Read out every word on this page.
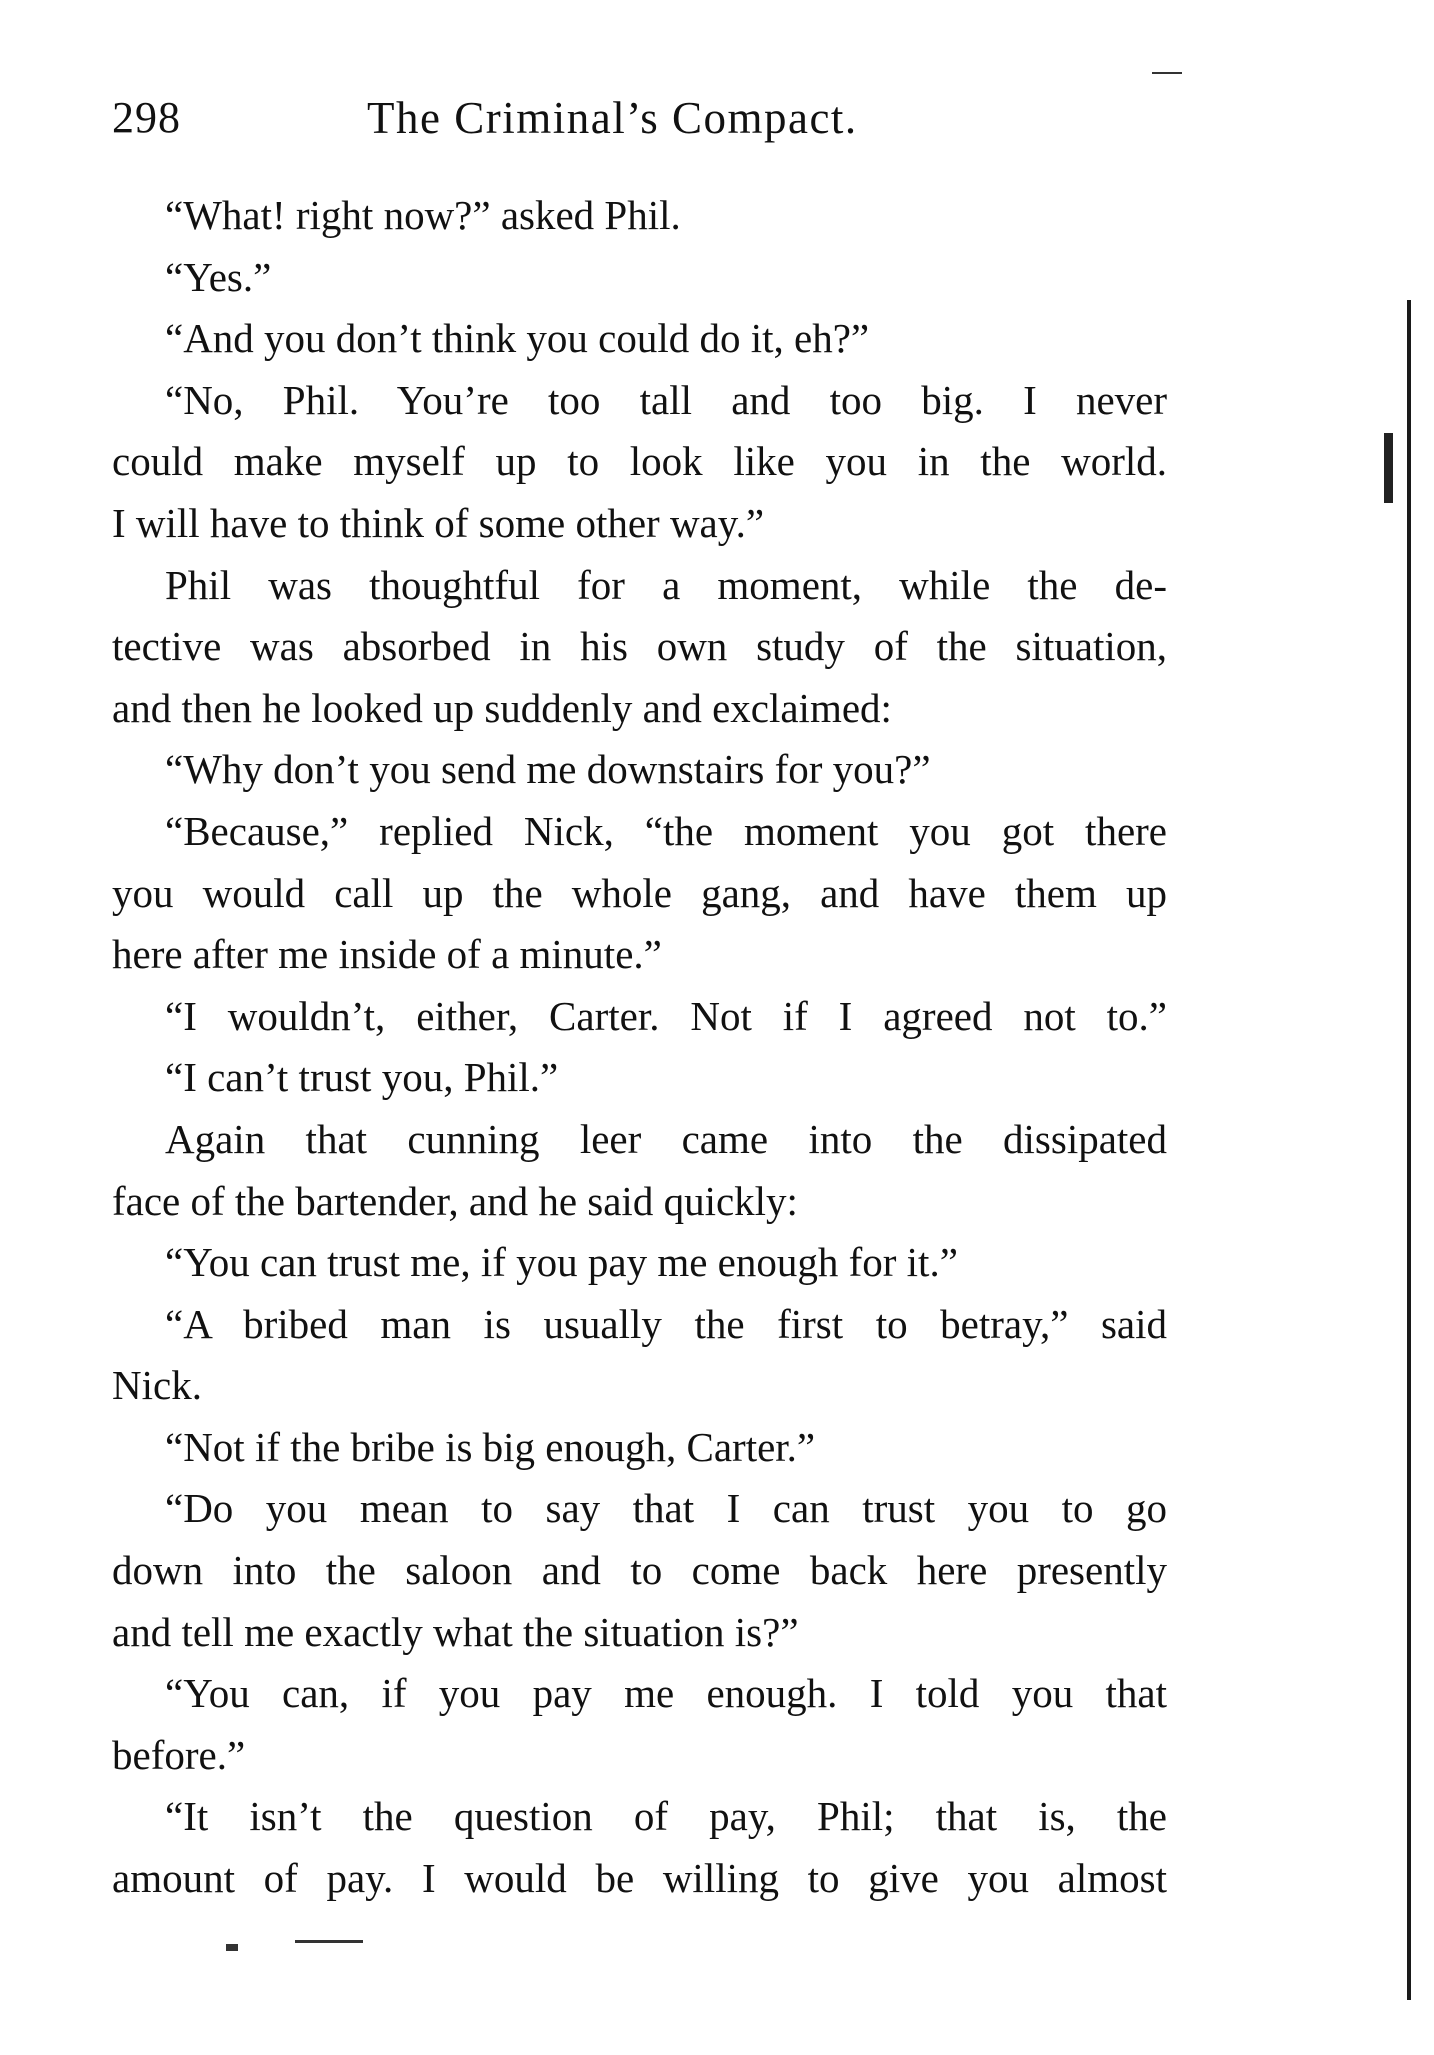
298	The Criminal’s Compact.
“What! right now?” asked Phil.
“Yes.”
“And you don’t think you could do it, eh?”
“No, Phil. You’re too tall and too big. I never
could make myself up to look like you in the world.
I will have to think of some other way.”
Phil was thoughtful for a moment, while the de-
tective was absorbed in his own study of the situation,
and then he looked up suddenly and exclaimed:
“Why don’t you send me downstairs for you?”
“Because,” replied Nick, “the moment you got there
you would call up the whole gang, and have them up
here after me inside of a minute.”
“I wouldn’t, either, Carter. Not if I agreed not to.”
“I can’t trust you, Phil.”
Again that cunning leer came into the dissipated
face of the bartender, and he said quickly:
“You can trust me, if you pay me enough for it.”
“A bribed man is usually the first to betray,” said
Nick.
“Not if the bribe is big enough, Carter.”
“Do you mean to say that I can trust you to go
down into the saloon and to come back here presently
and tell me exactly what the situation is?”
“You can, if you pay me enough. I told you that
before.”
“It isn’t the question of pay, Phil; that is, the
amount of pay. I would be willing to give you almost
